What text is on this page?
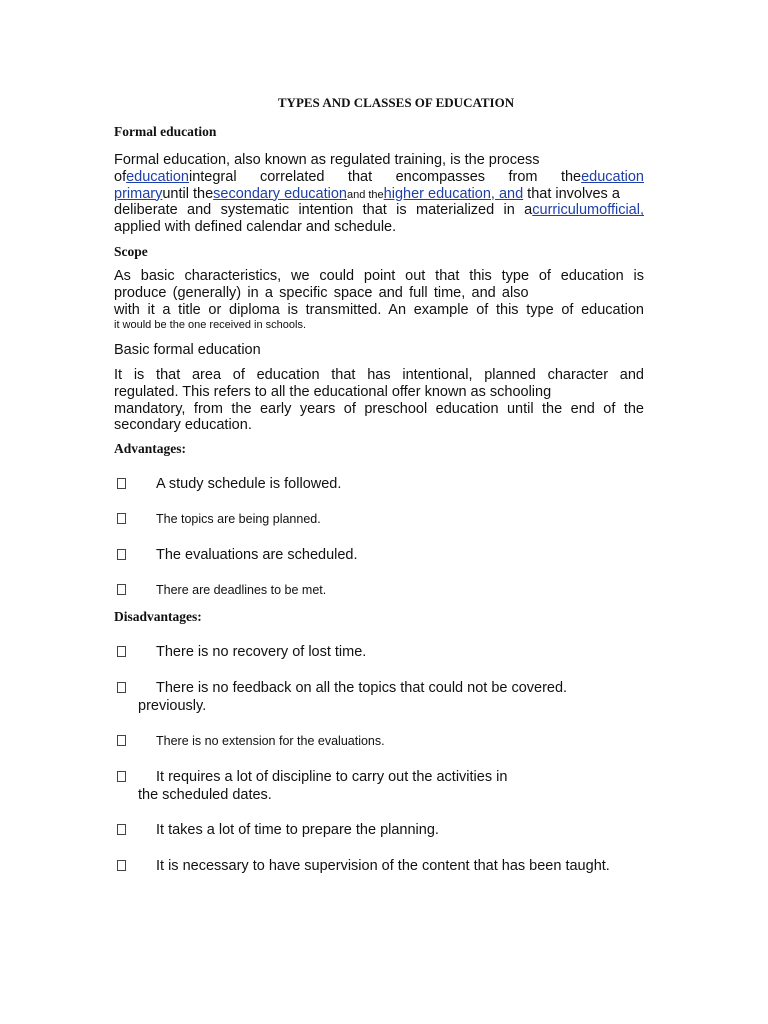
TYPES AND CLASSES OF EDUCATION
Formal education
Formal education, also known as regulated training, is the process
ofeducationintegral correlated that encompasses from theeducation
primaryuntil thesecondary educationand thehigher education, and that involves a
deliberate and systematic intention that is materialized in acurriculumofficial,
applied with defined calendar and schedule.
Scope
As basic characteristics, we could point out that this type of education is
produce (generally) in a specific space and full time, and also
with it a title or diploma is transmitted. An example of this type of education
it would be the one received in schools.
Basic formal education
It is that area of education that has intentional, planned character and
regulated. This refers to all the educational offer known as schooling
mandatory, from the early years of preschool education until the end of the
secondary education.
Advantages:
A study schedule is followed.
The topics are being planned.
The evaluations are scheduled.
There are deadlines to be met.
Disadvantages:
There is no recovery of lost time.
There is no feedback on all the topics that could not be covered.
previously.
There is no extension for the evaluations.
It requires a lot of discipline to carry out the activities in
the scheduled dates.
It takes a lot of time to prepare the planning.
It is necessary to have supervision of the content that has been taught.
